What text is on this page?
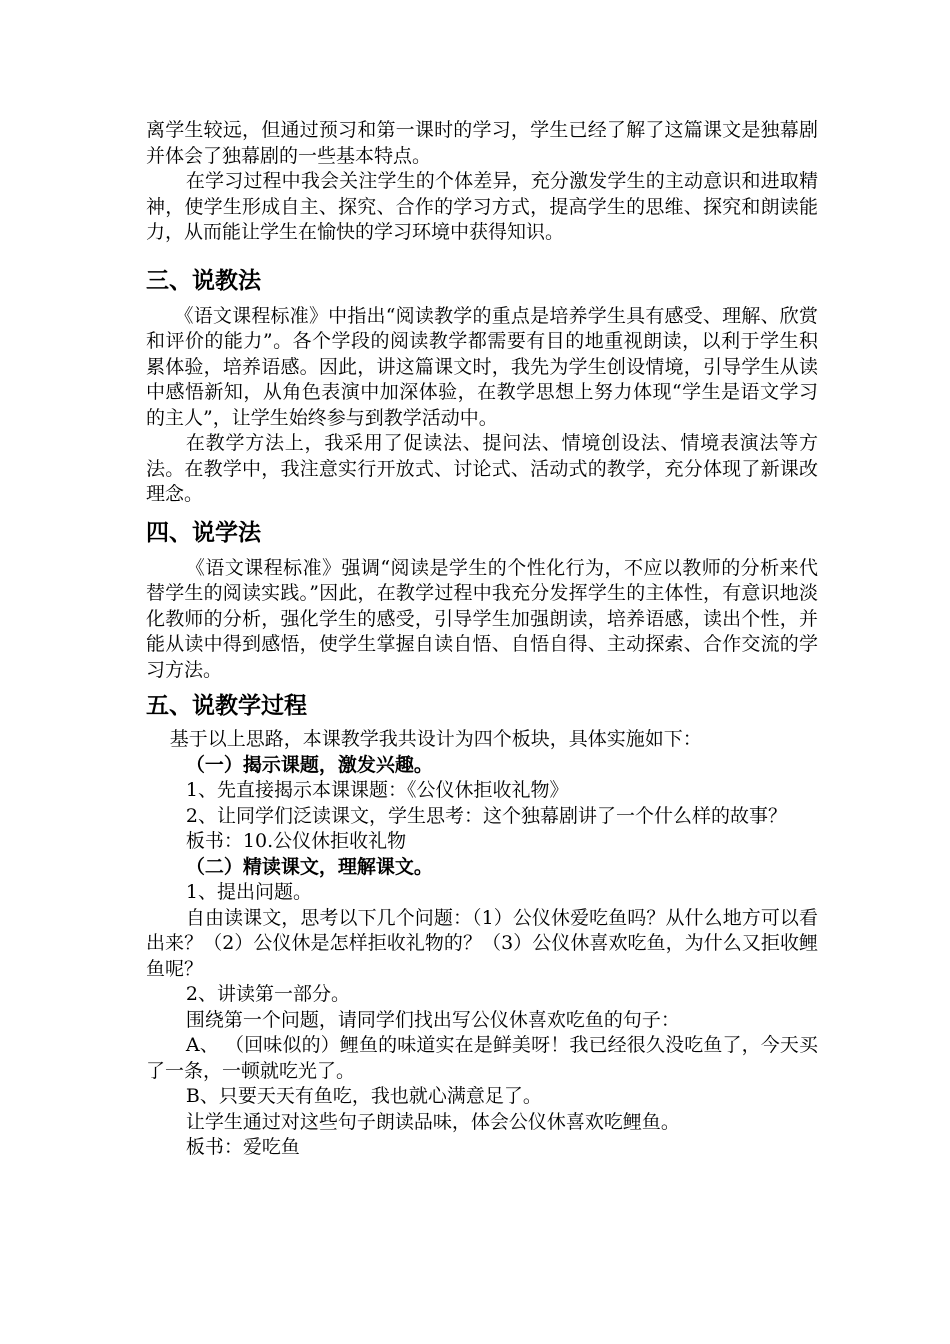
离学生较远，但通过预习和第一课时的学习，学生已经了解了这篇课文是独幕剧并体会了独幕剧的一些基本特点。

在学习过程中我会关注学生的个体差异，充分激发学生的主动意识和进取精神，使学生形成自主、探究、合作的学习方式，提高学生的思维、探究和朗读能力，从而能让学生在愉快的学习环境中获得知识。

三、说教法

《语文课程标准》中指出“阅读教学的重点是培养学生具有感受、理解、欣赏和评价的能力”。各个学段的阅读教学都需要有目的地重视朗读，以利于学生积累体验，培养语感。因此，讲这篇课文时，我先为学生创设情境，引导学生从读中感悟新知，从角色表演中加深体验，在教学思想上努力体现“学生是语文学习的主人”，让学生始终参与到教学活动中。

在教学方法上，我采用了促读法、提问法、情境创设法、情境表演法等方法。在教学中，我注意实行开放式、讨论式、活动式的教学，充分体现了新课改理念。

四、说学法

《语文课程标准》强调“阅读是学生的个性化行为，不应以教师的分析来代替学生的阅读实践。”因此，在教学过程中我充分发挥学生的主体性，有意识地淡化教师的分析，强化学生的感受，引导学生加强朗读，培养语感，读出个性，并能从读中得到感悟，使学生掌握自读自悟、自悟自得、主动探索、合作交流的学习方法。

五、说教学过程

基于以上思路，本课教学我共设计为四个板块，具体实施如下：

（一）揭示课题，激发兴趣。

1、先直接揭示本课课题：《公仪休拒收礼物》

2、让同学们泛读课文，学生思考：这个独幕剧讲了一个什么样的故事？

板书：10.公仪休拒收礼物

（二）精读课文，理解课文。

1、提出问题。

自由读课文，思考以下几个问题：（1）公仪休爱吃鱼吗？从什么地方可以看出来？（2）公仪休是怎样拒收礼物的？（3）公仪休喜欢吃鱼，为什么又拒收鲤鱼呢？

2、讲读第一部分。

围绕第一个问题，请同学们找出写公仪休喜欢吃鱼的句子：

A、 （回味似的）鲤鱼的味道实在是鲜美呀！我已经很久没吃鱼了，今天买了一条，一顿就吃光了。

B、只要天天有鱼吃，我也就心满意足了。

让学生通过对这些句子朗读品味，体会公仪休喜欢吃鲤鱼。

板书：爱吃鱼
